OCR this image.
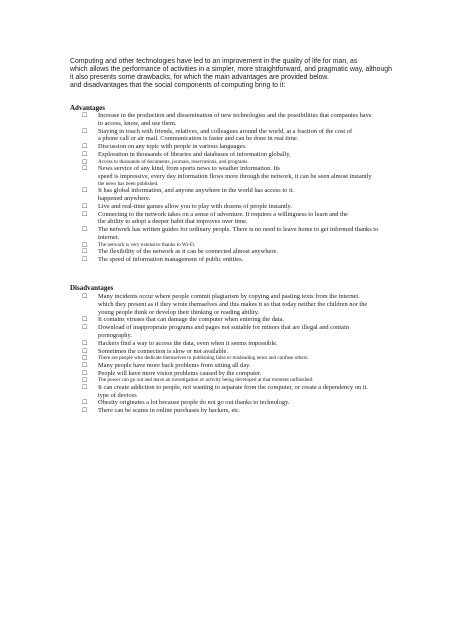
Computing and other technologies have led to an improvement in the quality of life for man, as
which allows the performance of activities in a simpler, more straightforward, and pragmatic way, although
it also presents some drawbacks, for which the main advantages are provided below.
and disadvantages that the social components of computing bring to it:
Advantages
☐ Increase in the production and dissemination of new technologies and the possibilities that companies have
to access, know, and use them.
☐ Staying in touch with friends, relatives, and colleagues around the world, at a fraction of the cost of
a phone call or air mail. Communication is faster and can be done in real time.
☐ Discussion on any topic with people in various languages.
☐ Exploration in thousands of libraries and databases of information globally,
☐ Access to thousands of documents, journals, reservations, and programs.
☐ News service of any kind, from sports news to weather information. Its
speed is impressive, every day information flows more through the network, it can be seen almost instantly
the news has been published.
☐ It has global information, and anyone anywhere in the world has access to it.
happened anywhere.
☐ Live and real-time games allow you to play with dozens of people instantly.
☐ Connecting to the network takes on a sense of adventure. It requires a willingness to learn and the
the ability to adopt a deeper habit that improves over time.
☐ The network has written guides for ordinary people. There is no need to leave home to get informed thanks to
internet.
☐ The network is very extensive thanks to Wi-Fi.
☐ The flexibility of the network as it can be connected almost anywhere.
☐ The speed of information management of public entities.
Disadvantages
☐ Many incidents occur where people commit plagiarism by copying and pasting texts from the internet.
which they present as if they wrote themselves and this makes it so that today neither the children nor the
young people think or develop their thinking or reading ability.
☐ It contains viruses that can damage the computer when entering the data.
☐ Download of inappropriate programs and pages not suitable for minors that are illegal and contain
pornography.
☐ Hackers find a way to access the data, even when it seems impossible.
☐ Sometimes the connection is slow or not available.
☐ There are people who dedicate themselves to publishing false or misleading news and confuse others.
☐ Many people have more back problems from sitting all day.
☐ People will have more vision problems caused by the computer.
☐ The power can go out and leave an investigation or activity being developed at that moment unfinished.
☐ It can create addiction to people, not wanting to separate from the computer, or create a dependency on it.
type of devices
☐ Obesity originates a lot because people do not go out thanks to technology.
☐ There can be scams in online purchases by hackers, etc.
